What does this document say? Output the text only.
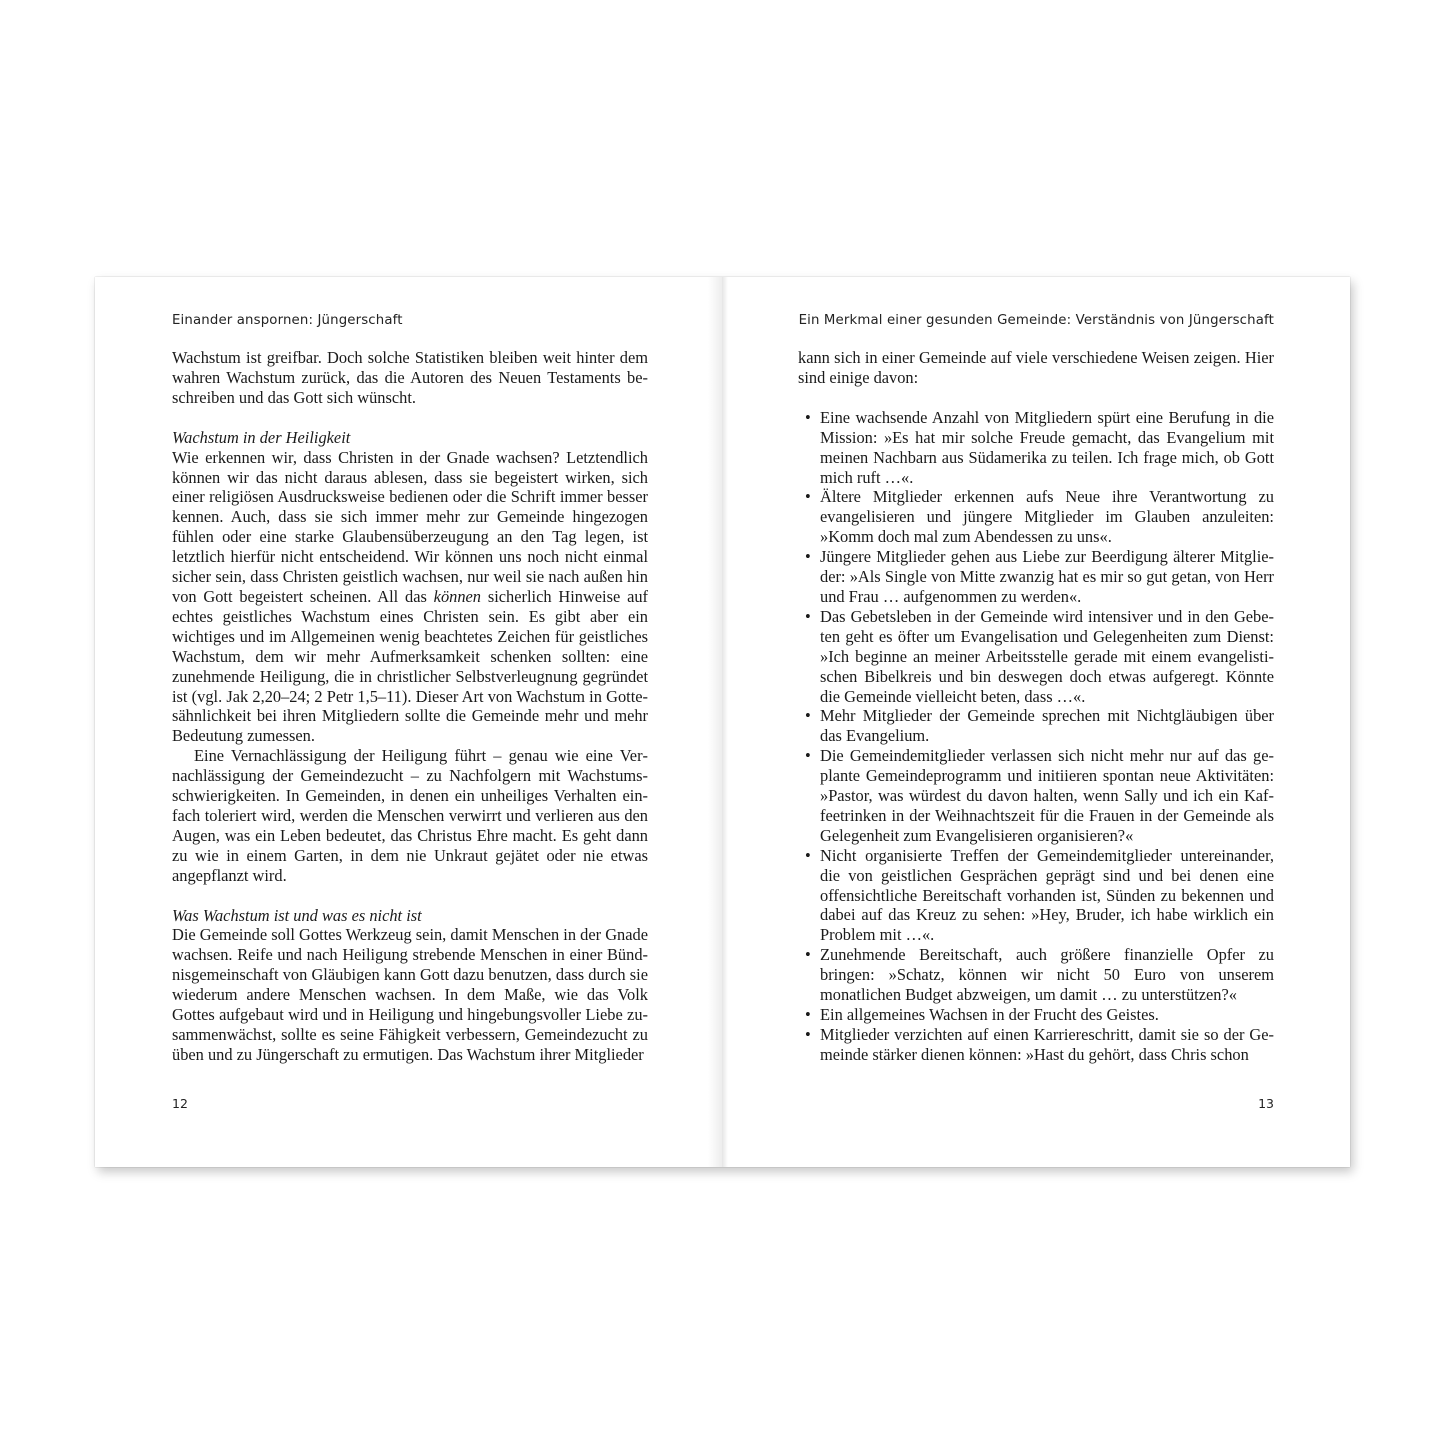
Einander anspornen: Jüngerschaft

Wachstum ist greifbar. Doch solche Statistiken bleiben weit hinter dem wahren Wachstum zurück, das die Autoren des Neuen Testaments beschreiben und das Gott sich wünscht.

Wachstum in der Heiligkeit

Wie erkennen wir, dass Christen in der Gnade wachsen? Letztendlich können wir das nicht daraus ablesen, dass sie begeistert wirken, sich einer religiösen Ausdrucksweise bedienen oder die Schrift immer besser kennen. Auch, dass sie sich immer mehr zur Gemeinde hingezogen fühlen oder eine starke Glaubensüberzeugung an den Tag legen, ist letztlich hierfür nicht entscheidend. Wir können uns noch nicht einmal sicher sein, dass Christen geistlich wachsen, nur weil sie nach außen hin von Gott begeistert scheinen. All das können sicherlich Hinweise auf echtes geistliches Wachstum eines Christen sein. Es gibt aber ein wichtiges und im Allgemeinen wenig beachtetes Zeichen für geistliches Wachstum, dem wir mehr Aufmerksamkeit schenken sollten: eine zunehmende Heiligung, die in christlicher Selbstverleugnung gegründet ist (vgl. Jak 2,20–24; 2 Petr 1,5–11). Dieser Art von Wachstum in Gottesähnlichkeit bei ihren Mitgliedern sollte die Gemeinde mehr und mehr Bedeutung zumessen.

Eine Vernachlässigung der Heiligung führt – genau wie eine Vernachlässigung der Gemeindezucht – zu Nachfolgern mit Wachstumsschwierigkeiten. In Gemeinden, in denen ein unheiliges Verhalten einfach toleriert wird, werden die Menschen verwirrt und verlieren aus den Augen, was ein Leben bedeutet, das Christus Ehre macht. Es geht dann zu wie in einem Garten, in dem nie Unkraut gejätet oder nie etwas angepflanzt wird.

Was Wachstum ist und was es nicht ist

Die Gemeinde soll Gottes Werkzeug sein, damit Menschen in der Gnade wachsen. Reife und nach Heiligung strebende Menschen in einer Bündnisgemeinschaft von Gläubigen kann Gott dazu benutzen, dass durch sie wiederum andere Menschen wachsen. In dem Maße, wie das Volk Gottes aufgebaut wird und in Heiligung und hingebungsvoller Liebe zusammenwächst, sollte es seine Fähigkeit verbessern, Gemeindezucht zu üben und zu Jüngerschaft zu ermutigen. Das Wachstum ihrer Mitglieder

12
Ein Merkmal einer gesunden Gemeinde: Verständnis von Jüngerschaft

kann sich in einer Gemeinde auf viele verschiedene Weisen zeigen. Hier sind einige davon:

• Eine wachsende Anzahl von Mitgliedern spürt eine Berufung in die Mission: »Es hat mir solche Freude gemacht, das Evangelium mit meinen Nachbarn aus Südamerika zu teilen. Ich frage mich, ob Gott mich ruft …«.
• Ältere Mitglieder erkennen aufs Neue ihre Verantwortung zu evangelisieren und jüngere Mitglieder im Glauben anzuleiten: »Komm doch mal zum Abendessen zu uns«.
• Jüngere Mitglieder gehen aus Liebe zur Beerdigung älterer Mitglieder: »Als Single von Mitte zwanzig hat es mir so gut getan, von Herr und Frau … aufgenommen zu werden«.
• Das Gebetsleben in der Gemeinde wird intensiver und in den Gebeten geht es öfter um Evangelisation und Gelegenheiten zum Dienst: »Ich beginne an meiner Arbeitsstelle gerade mit einem evangelistischen Bibelkreis und bin deswegen doch etwas aufgeregt. Könnte die Gemeinde vielleicht beten, dass …«.
• Mehr Mitglieder der Gemeinde sprechen mit Nichtgläubigen über das Evangelium.
• Die Gemeindemitglieder verlassen sich nicht mehr nur auf das geplante Gemeindeprogramm und initiieren spontan neue Aktivitäten: »Pastor, was würdest du davon halten, wenn Sally und ich ein Kaffeetrinken in der Weihnachtszeit für die Frauen in der Gemeinde als Gelegenheit zum Evangelisieren organisieren?«
• Nicht organisierte Treffen der Gemeindemitglieder untereinander, die von geistlichen Gesprächen geprägt sind und bei denen eine offensichtliche Bereitschaft vorhanden ist, Sünden zu bekennen und dabei auf das Kreuz zu sehen: »Hey, Bruder, ich habe wirklich ein Problem mit …«.
• Zunehmende Bereitschaft, auch größere finanzielle Opfer zu bringen: »Schatz, können wir nicht 50 Euro von unserem monatlichen Budget abzweigen, um damit … zu unterstützen?«
• Ein allgemeines Wachsen in der Frucht des Geistes.
• Mitglieder verzichten auf einen Karriereschritt, damit sie so der Gemeinde stärker dienen können: »Hast du gehört, dass Chris schon
13
